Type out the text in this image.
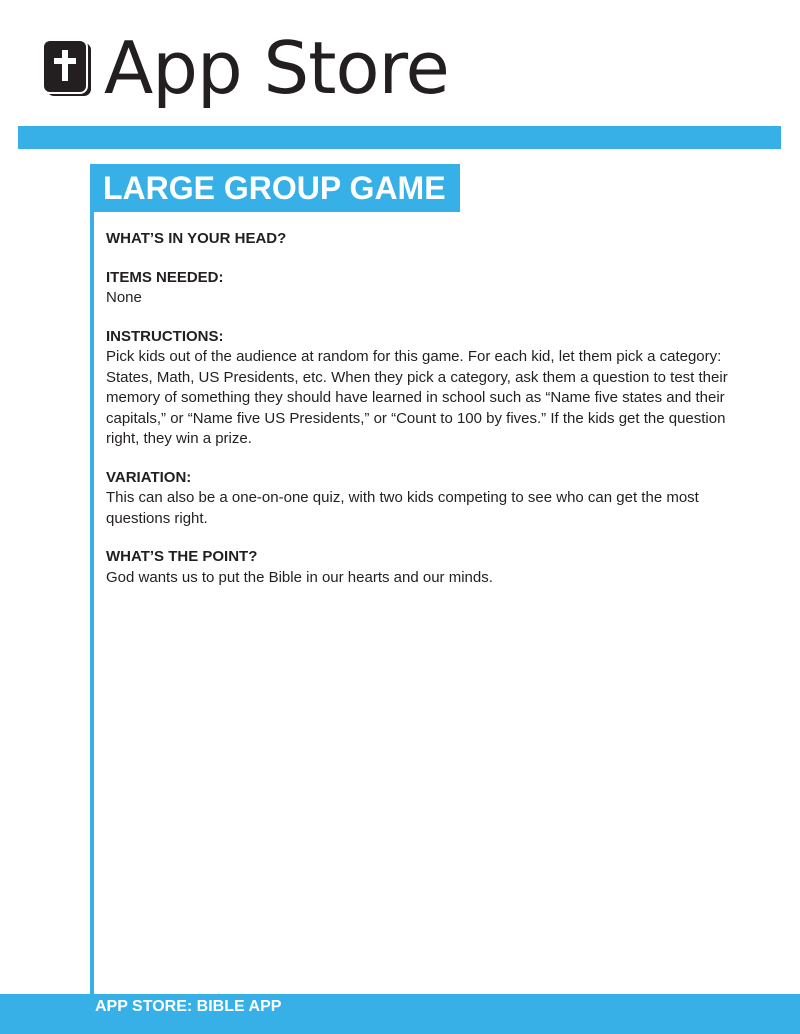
App Store
LARGE GROUP GAME

WHAT’S IN YOUR HEAD?

ITEMS NEEDED:

None

INSTRUCTIONS:

Pick kids out of the audience at random for this game. For each kid, let them pick a category: States, Math, US Presidents, etc. When they pick a category, ask them a question to test their memory of something they should have learned in school such as “Name five states and their capitals,” or “Name five US Presidents,” or “Count to 100 by fives.” If the kids get the question right, they win a prize.

VARIATION:

This can also be a one-on-one quiz, with two kids competing to see who can get the most questions right.

WHAT’S THE POINT?

God wants us to put the Bible in our hearts and our minds.

APP STORE: BIBLE APP
